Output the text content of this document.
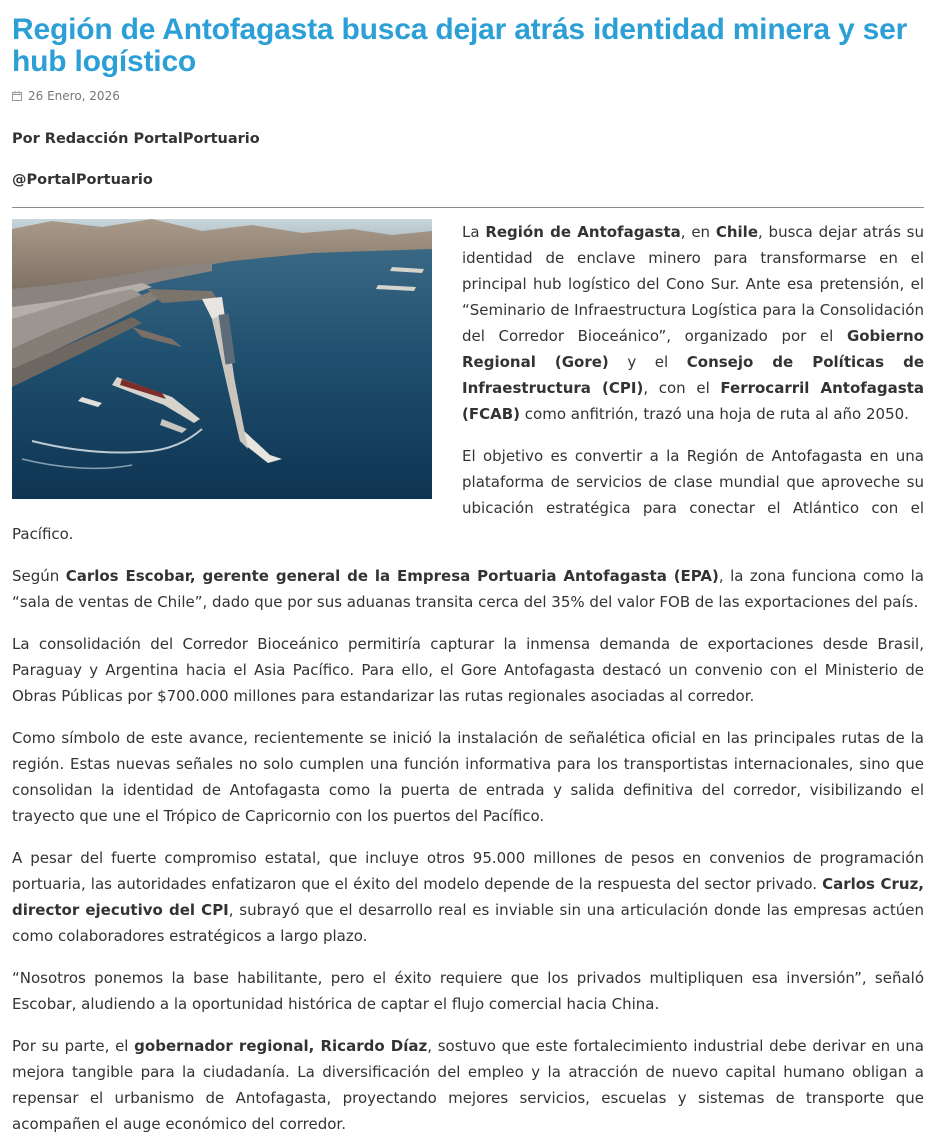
Región de Antofagasta busca dejar atrás identidad minera y ser hub logístico
26 Enero, 2026
Por Redacción PortalPortuario
@PortalPortuario

La Región de Antofagasta, en Chile, busca dejar atrás su identidad de enclave minero para transformarse en el principal hub logístico del Cono Sur. Ante esa pretensión, el “Seminario de Infraestructura Logística para la Consolidación del Corredor Bioceánico”, organizado por el Gobierno Regional (Gore) y el Consejo de Políticas de Infraestructura (CPI), con el Ferrocarril Antofagasta (FCAB) como anfitrión, trazó una hoja de ruta al año 2050.

El objetivo es convertir a la Región de Antofagasta en una plataforma de servicios de clase mundial que aproveche su ubicación estratégica para conectar el Atlántico con el Pacífico.

Según Carlos Escobar, gerente general de la Empresa Portuaria Antofagasta (EPA), la zona funciona como la “sala de ventas de Chile”, dado que por sus aduanas transita cerca del 35% del valor FOB de las exportaciones del país.

La consolidación del Corredor Bioceánico permitiría capturar la inmensa demanda de exportaciones desde Brasil, Paraguay y Argentina hacia el Asia Pacífico. Para ello, el Gore Antofagasta destacó un convenio con el Ministerio de Obras Públicas por $700.000 millones para estandarizar las rutas regionales asociadas al corredor.

Como símbolo de este avance, recientemente se inició la instalación de señalética oficial en las principales rutas de la región. Estas nuevas señales no solo cumplen una función informativa para los transportistas internacionales, sino que consolidan la identidad de Antofagasta como la puerta de entrada y salida definitiva del corredor, visibilizando el trayecto que une el Trópico de Capricornio con los puertos del Pacífico.

A pesar del fuerte compromiso estatal, que incluye otros 95.000 millones de pesos en convenios de programación portuaria, las autoridades enfatizaron que el éxito del modelo depende de la respuesta del sector privado. Carlos Cruz, director ejecutivo del CPI, subrayó que el desarrollo real es inviable sin una articulación donde las empresas actúen como colaboradores estratégicos a largo plazo.

“Nosotros ponemos la base habilitante, pero el éxito requiere que los privados multipliquen esa inversión”, señaló Escobar, aludiendo a la oportunidad histórica de captar el flujo comercial hacia China.

Por su parte, el gobernador regional, Ricardo Díaz, sostuvo que este fortalecimiento industrial debe derivar en una mejora tangible para la ciudadanía. La diversificación del empleo y la atracción de nuevo capital humano obligan a repensar el urbanismo de Antofagasta, proyectando mejores servicios, escuelas y sistemas de transporte que acompañen el auge económico del corredor.
